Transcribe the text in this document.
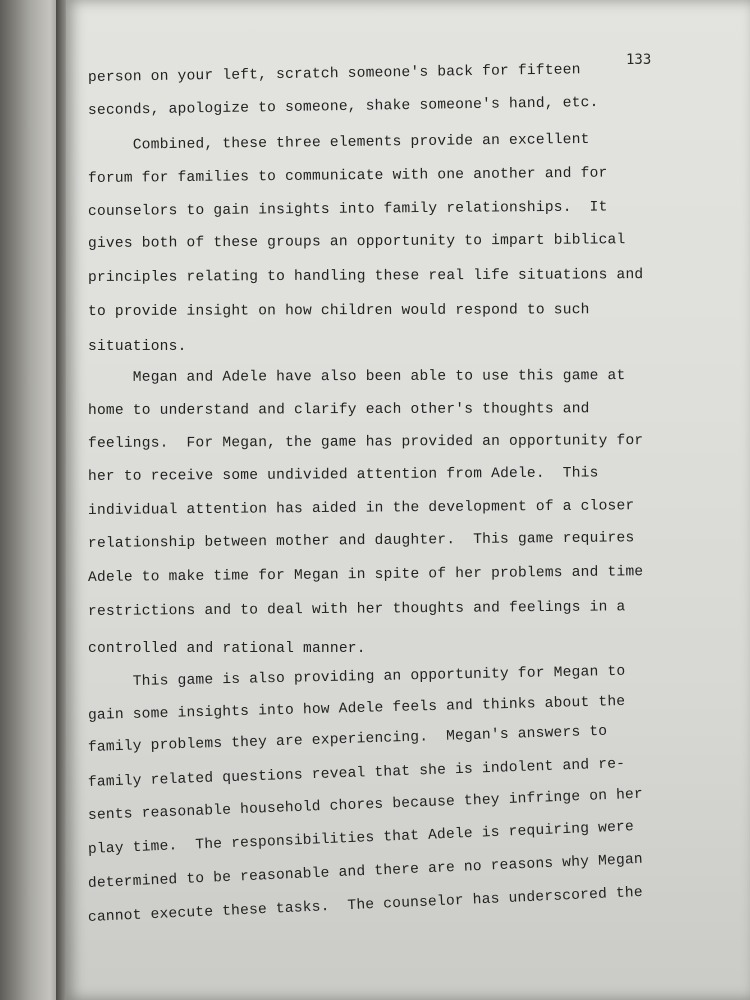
133
person on your left, scratch someone's back for fifteen
seconds, apologize to someone, shake someone's hand, etc.
Combined, these three elements provide an excellent
forum for families to communicate with one another and for
counselors to gain insights into family relationships.  It
gives both of these groups an opportunity to impart biblical
principles relating to handling these real life situations and
to provide insight on how children would respond to such
situations.
Megan and Adele have also been able to use this game at
home to understand and clarify each other's thoughts and
feelings.  For Megan, the game has provided an opportunity for
her to receive some undivided attention from Adele.  This
individual attention has aided in the development of a closer
relationship between mother and daughter.  This game requires
Adele to make time for Megan in spite of her problems and time
restrictions and to deal with her thoughts and feelings in a
controlled and rational manner.
This game is also providing an opportunity for Megan to
gain some insights into how Adele feels and thinks about the
family problems they are experiencing.  Megan's answers to
family related questions reveal that she is indolent and re-
sents reasonable household chores because they infringe on her
play time.  The responsibilities that Adele is requiring were
determined to be reasonable and there are no reasons why Megan
cannot execute these tasks.  The counselor has underscored the
